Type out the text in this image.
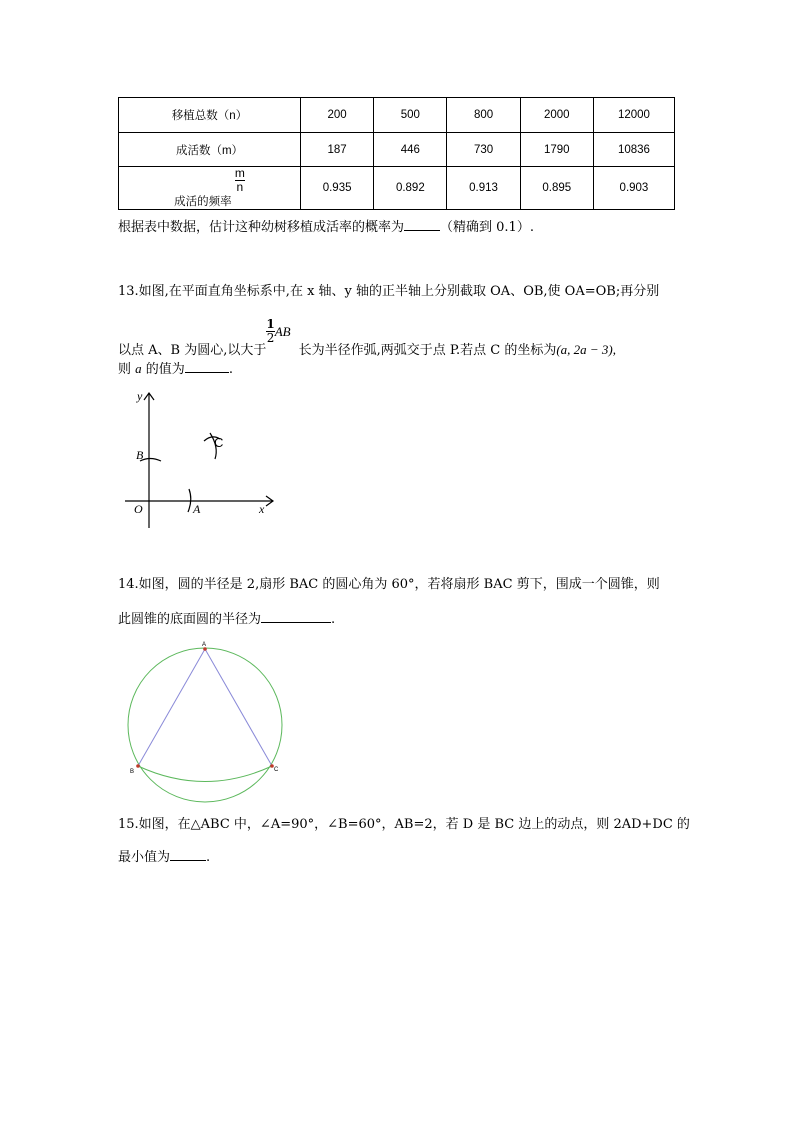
移植总数（n）	200	500	800	2000	12000
成活数（m）	187	446	730	1790	10836
成活的频率
$\frac{m}{n}$	0.935	0.892	0.913	0.895	0.903
根据表中数据，估计这种幼树移植成活率的概率为	（精确到 0.1）.
13.如图,在平面直角坐标系中,在 x 轴、y 轴的正半轴上分别截取 OA、OB,使 OA=OB;再分别
以点 A、B 为圆心,以大于
$\frac{1}{2}$ AB长为半径作弧,两弧交于点 P.若点 C 的坐标为(a, 2a − 3),
则 a 的值为	.
y
x
O	A
B
C
14.如图，圆的半径是 2,扇形 BAC 的圆心角为 60°，若将扇形 BAC 剪下，围成一个圆锥，则
此圆锥的底面圆的半径为	.
A
B	C
15.如图，在△ABC 中，∠A=90°，∠B=60°，AB=2，若 D 是 BC 边上的动点，则 2AD+DC 的
最小值为	.
